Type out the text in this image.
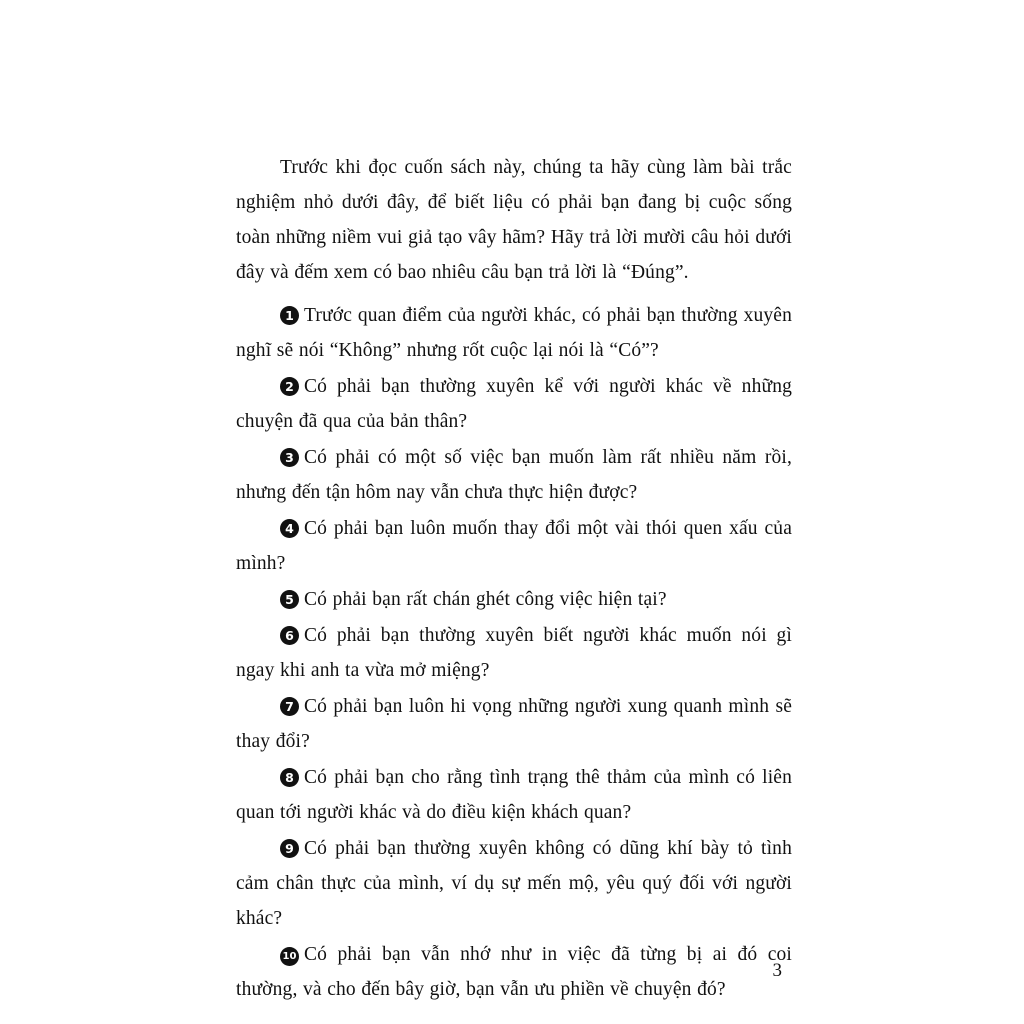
Trước khi đọc cuốn sách này, chúng ta hãy cùng làm bài trắc nghiệm nhỏ dưới đây, để biết liệu có phải bạn đang bị cuộc sống toàn những niềm vui giả tạo vây hãm? Hãy trả lời mười câu hỏi dưới đây và đếm xem có bao nhiêu câu bạn trả lời là “Đúng”.

1 Trước quan điểm của người khác, có phải bạn thường xuyên nghĩ sẽ nói “Không” nhưng rốt cuộc lại nói là “Có”?

2 Có phải bạn thường xuyên kể với người khác về những chuyện đã qua của bản thân?

3 Có phải có một số việc bạn muốn làm rất nhiều năm rồi, nhưng đến tận hôm nay vẫn chưa thực hiện được?

4 Có phải bạn luôn muốn thay đổi một vài thói quen xấu của mình?

5 Có phải bạn rất chán ghét công việc hiện tại?

6 Có phải bạn thường xuyên biết người khác muốn nói gì ngay khi anh ta vừa mở miệng?

7 Có phải bạn luôn hi vọng những người xung quanh mình sẽ thay đổi?

8 Có phải bạn cho rằng tình trạng thê thảm của mình có liên quan tới người khác và do điều kiện khách quan?

9 Có phải bạn thường xuyên không có dũng khí bày tỏ tình cảm chân thực của mình, ví dụ sự mến mộ, yêu quý đối với người khác?

10 Có phải bạn vẫn nhớ như in việc đã từng bị ai đó coi thường, và cho đến bây giờ, bạn vẫn ưu phiền về chuyện đó?

3
